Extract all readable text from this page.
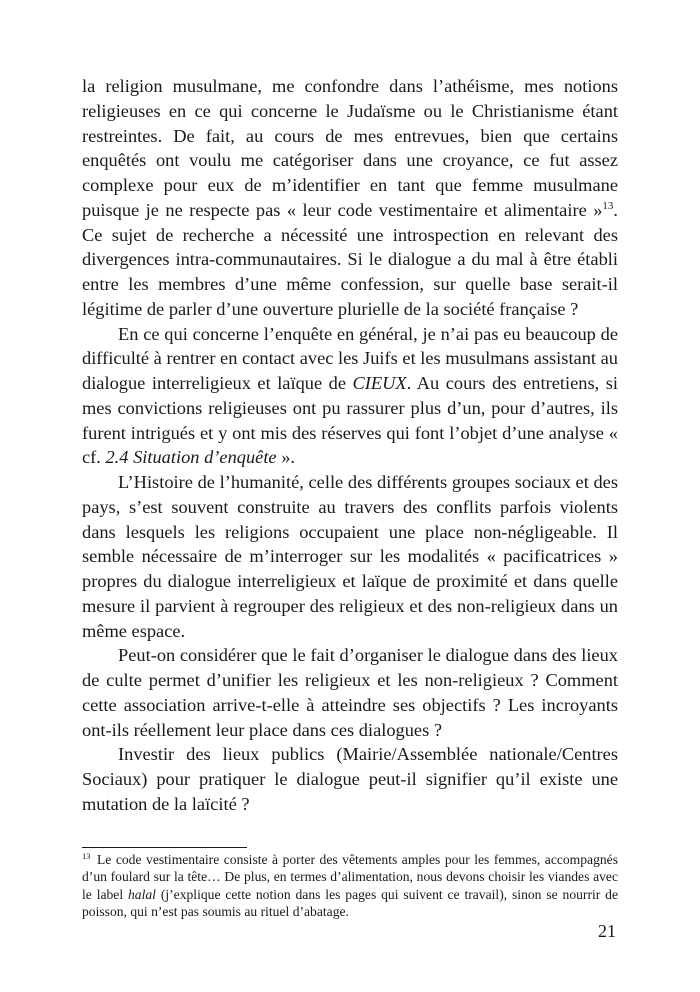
la religion musulmane, me confondre dans l’athéisme, mes notions religieuses en ce qui concerne le Judaïsme ou le Christianisme étant restreintes. De fait, au cours de mes entrevues, bien que certains enquêtés ont voulu me catégoriser dans une croyance, ce fut assez complexe pour eux de m’identifier en tant que femme musulmane puisque je ne respecte pas « leur code vestimentaire et alimentaire »$^{13}$. Ce sujet de recherche a nécessité une introspection en relevant des divergences intra-communautaires. Si le dialogue a du mal à être établi entre les membres d’une même confession, sur quelle base serait-il légitime de parler d’une ouverture plurielle de la société française ?

En ce qui concerne l’enquête en général, je n’ai pas eu beaucoup de difficulté à rentrer en contact avec les Juifs et les musulmans assistant au dialogue interreligieux et laïque de CIEUX. Au cours des entretiens, si mes convictions religieuses ont pu rassurer plus d’un, pour d’autres, ils furent intrigués et y ont mis des réserves qui font l’objet d’une analyse « cf. 2.4 Situation d’enquête ».

L’Histoire de l’humanité, celle des différents groupes sociaux et des pays, s’est souvent construite au travers des conflits parfois violents dans lesquels les religions occupaient une place non-négligeable. Il semble nécessaire de m’interroger sur les modalités « pacificatrices » propres du dialogue interreligieux et laïque de proximité et dans quelle mesure il parvient à regrouper des religieux et des non-religieux dans un même espace.

Peut-on considérer que le fait d’organiser le dialogue dans des lieux de culte permet d’unifier les religieux et les non-religieux ? Comment cette association arrive-t-elle à atteindre ses objectifs ? Les incroyants ont-ils réellement leur place dans ces dialogues ?

Investir des lieux publics (Mairie/Assemblée nationale/Centres Sociaux) pour pratiquer le dialogue peut-il signifier qu’il existe une mutation de la laïcité ?

$^{13}$ Le code vestimentaire consiste à porter des vêtements amples pour les femmes, accompagnés d’un foulard sur la tête… De plus, en termes d’alimentation, nous devons choisir les viandes avec le label halal (j’explique cette notion dans les pages qui suivent ce travail), sinon se nourrir de poisson, qui n’est pas soumis au rituel d’abatage.
21
